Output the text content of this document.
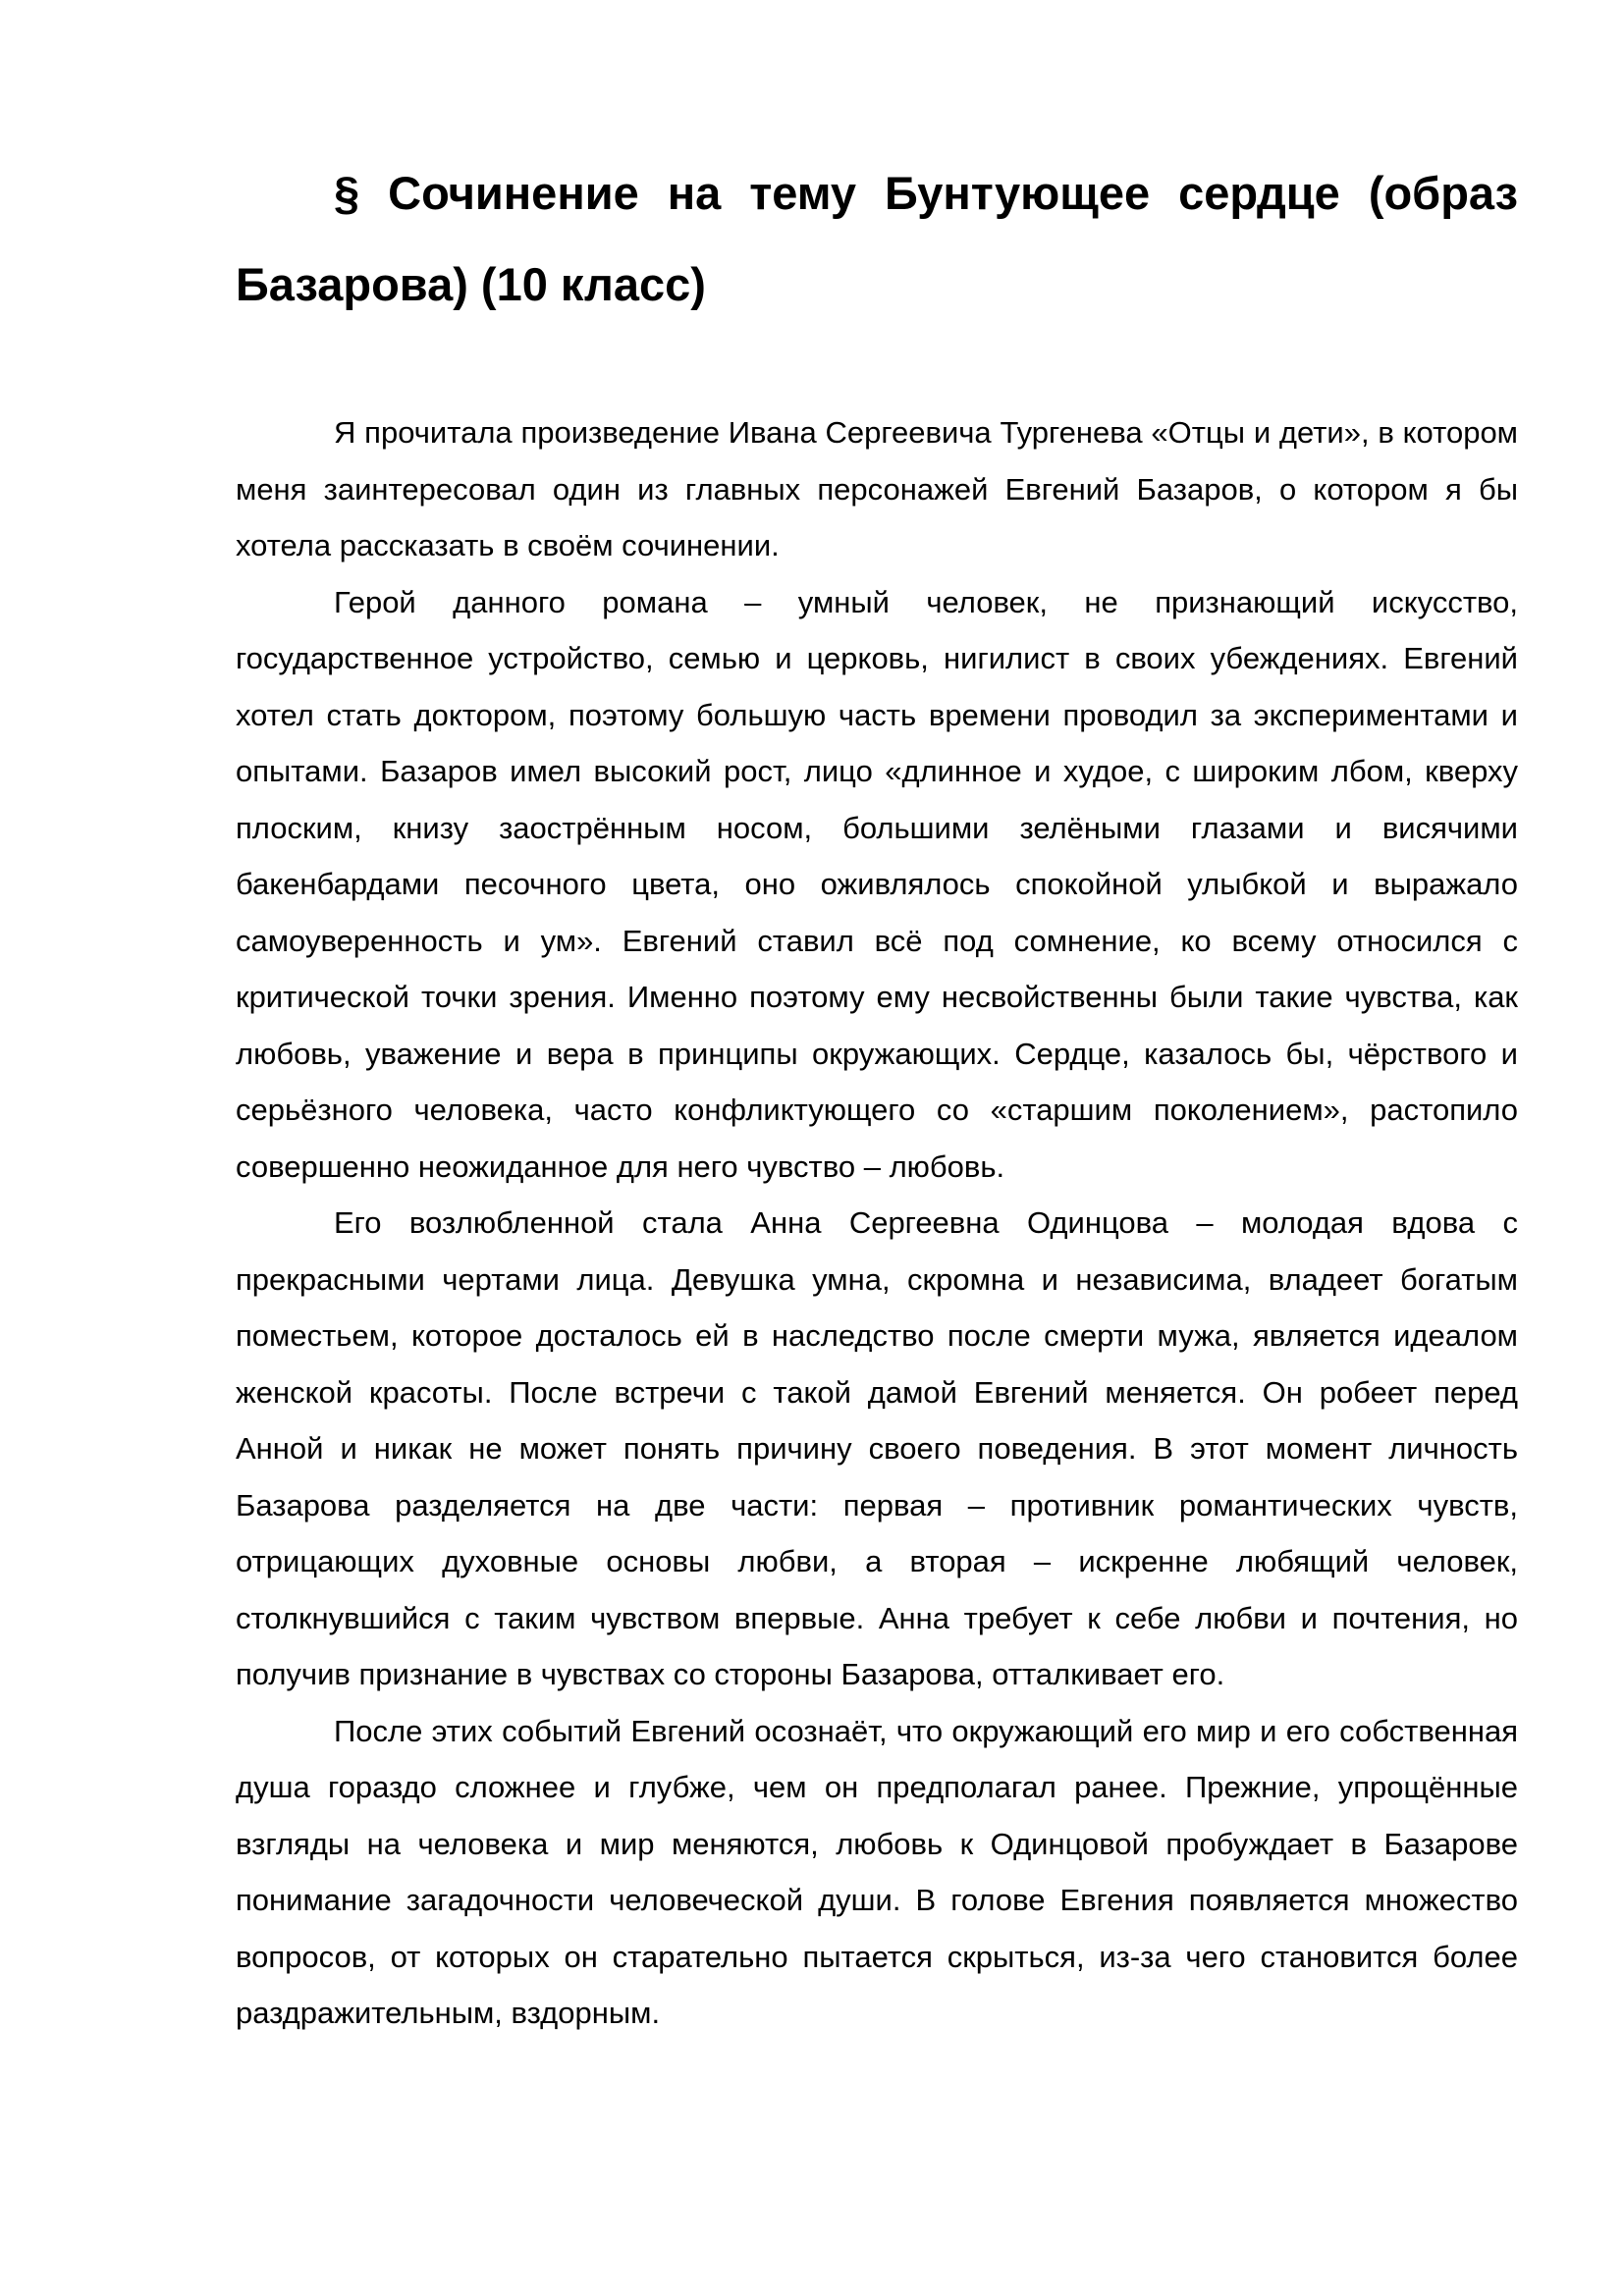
§ Сочинение на тему Бунтующее сердце (образ Базарова) (10 класс)

Я прочитала произведение Ивана Сергеевича Тургенева «Отцы и дети», в котором меня заинтересовал один из главных персонажей Евгений Базаров, о котором я бы хотела рассказать в своём сочинении.

Герой данного романа – умный человек, не признающий искусство, государственное устройство, семью и церковь, нигилист в своих убеждениях. Евгений хотел стать доктором, поэтому большую часть времени проводил за экспериментами и опытами. Базаров имел высокий рост, лицо «длинное и худое, с широким лбом, кверху плоским, книзу заострённым носом, большими зелёными глазами и висячими бакенбардами песочного цвета, оно оживлялось спокойной улыбкой и выражало самоуверенность и ум». Евгений ставил всё под сомнение, ко всему относился с критической точки зрения. Именно поэтому ему несвойственны были такие чувства, как любовь, уважение и вера в принципы окружающих. Сердце, казалось бы, чёрствого и серьёзного человека, часто конфликтующего со «старшим поколением», растопило совершенно неожиданное для него чувство – любовь.

Его возлюбленной стала Анна Сергеевна Одинцова – молодая вдова с прекрасными чертами лица. Девушка умна, скромна и независима, владеет богатым поместьем, которое досталось ей в наследство после смерти мужа, является идеалом женской красоты. После встречи с такой дамой Евгений меняется. Он робеет перед Анной и никак не может понять причину своего поведения. В этот момент личность Базарова разделяется на две части: первая – противник романтических чувств, отрицающих духовные основы любви, а вторая – искренне любящий человек, столкнувшийся с таким чувством впервые. Анна требует к себе любви и почтения, но получив признание в чувствах со стороны Базарова, отталкивает его.

После этих событий Евгений осознаёт, что окружающий его мир и его собственная душа гораздо сложнее и глубже, чем он предполагал ранее. Прежние, упрощённые взгляды на человека и мир меняются, любовь к Одинцовой пробуждает в Базарове понимание загадочности человеческой души. В голове Евгения появляется множество вопросов, от которых он старательно пытается скрыться, из-за чего становится более раздражительным, вздорным.
